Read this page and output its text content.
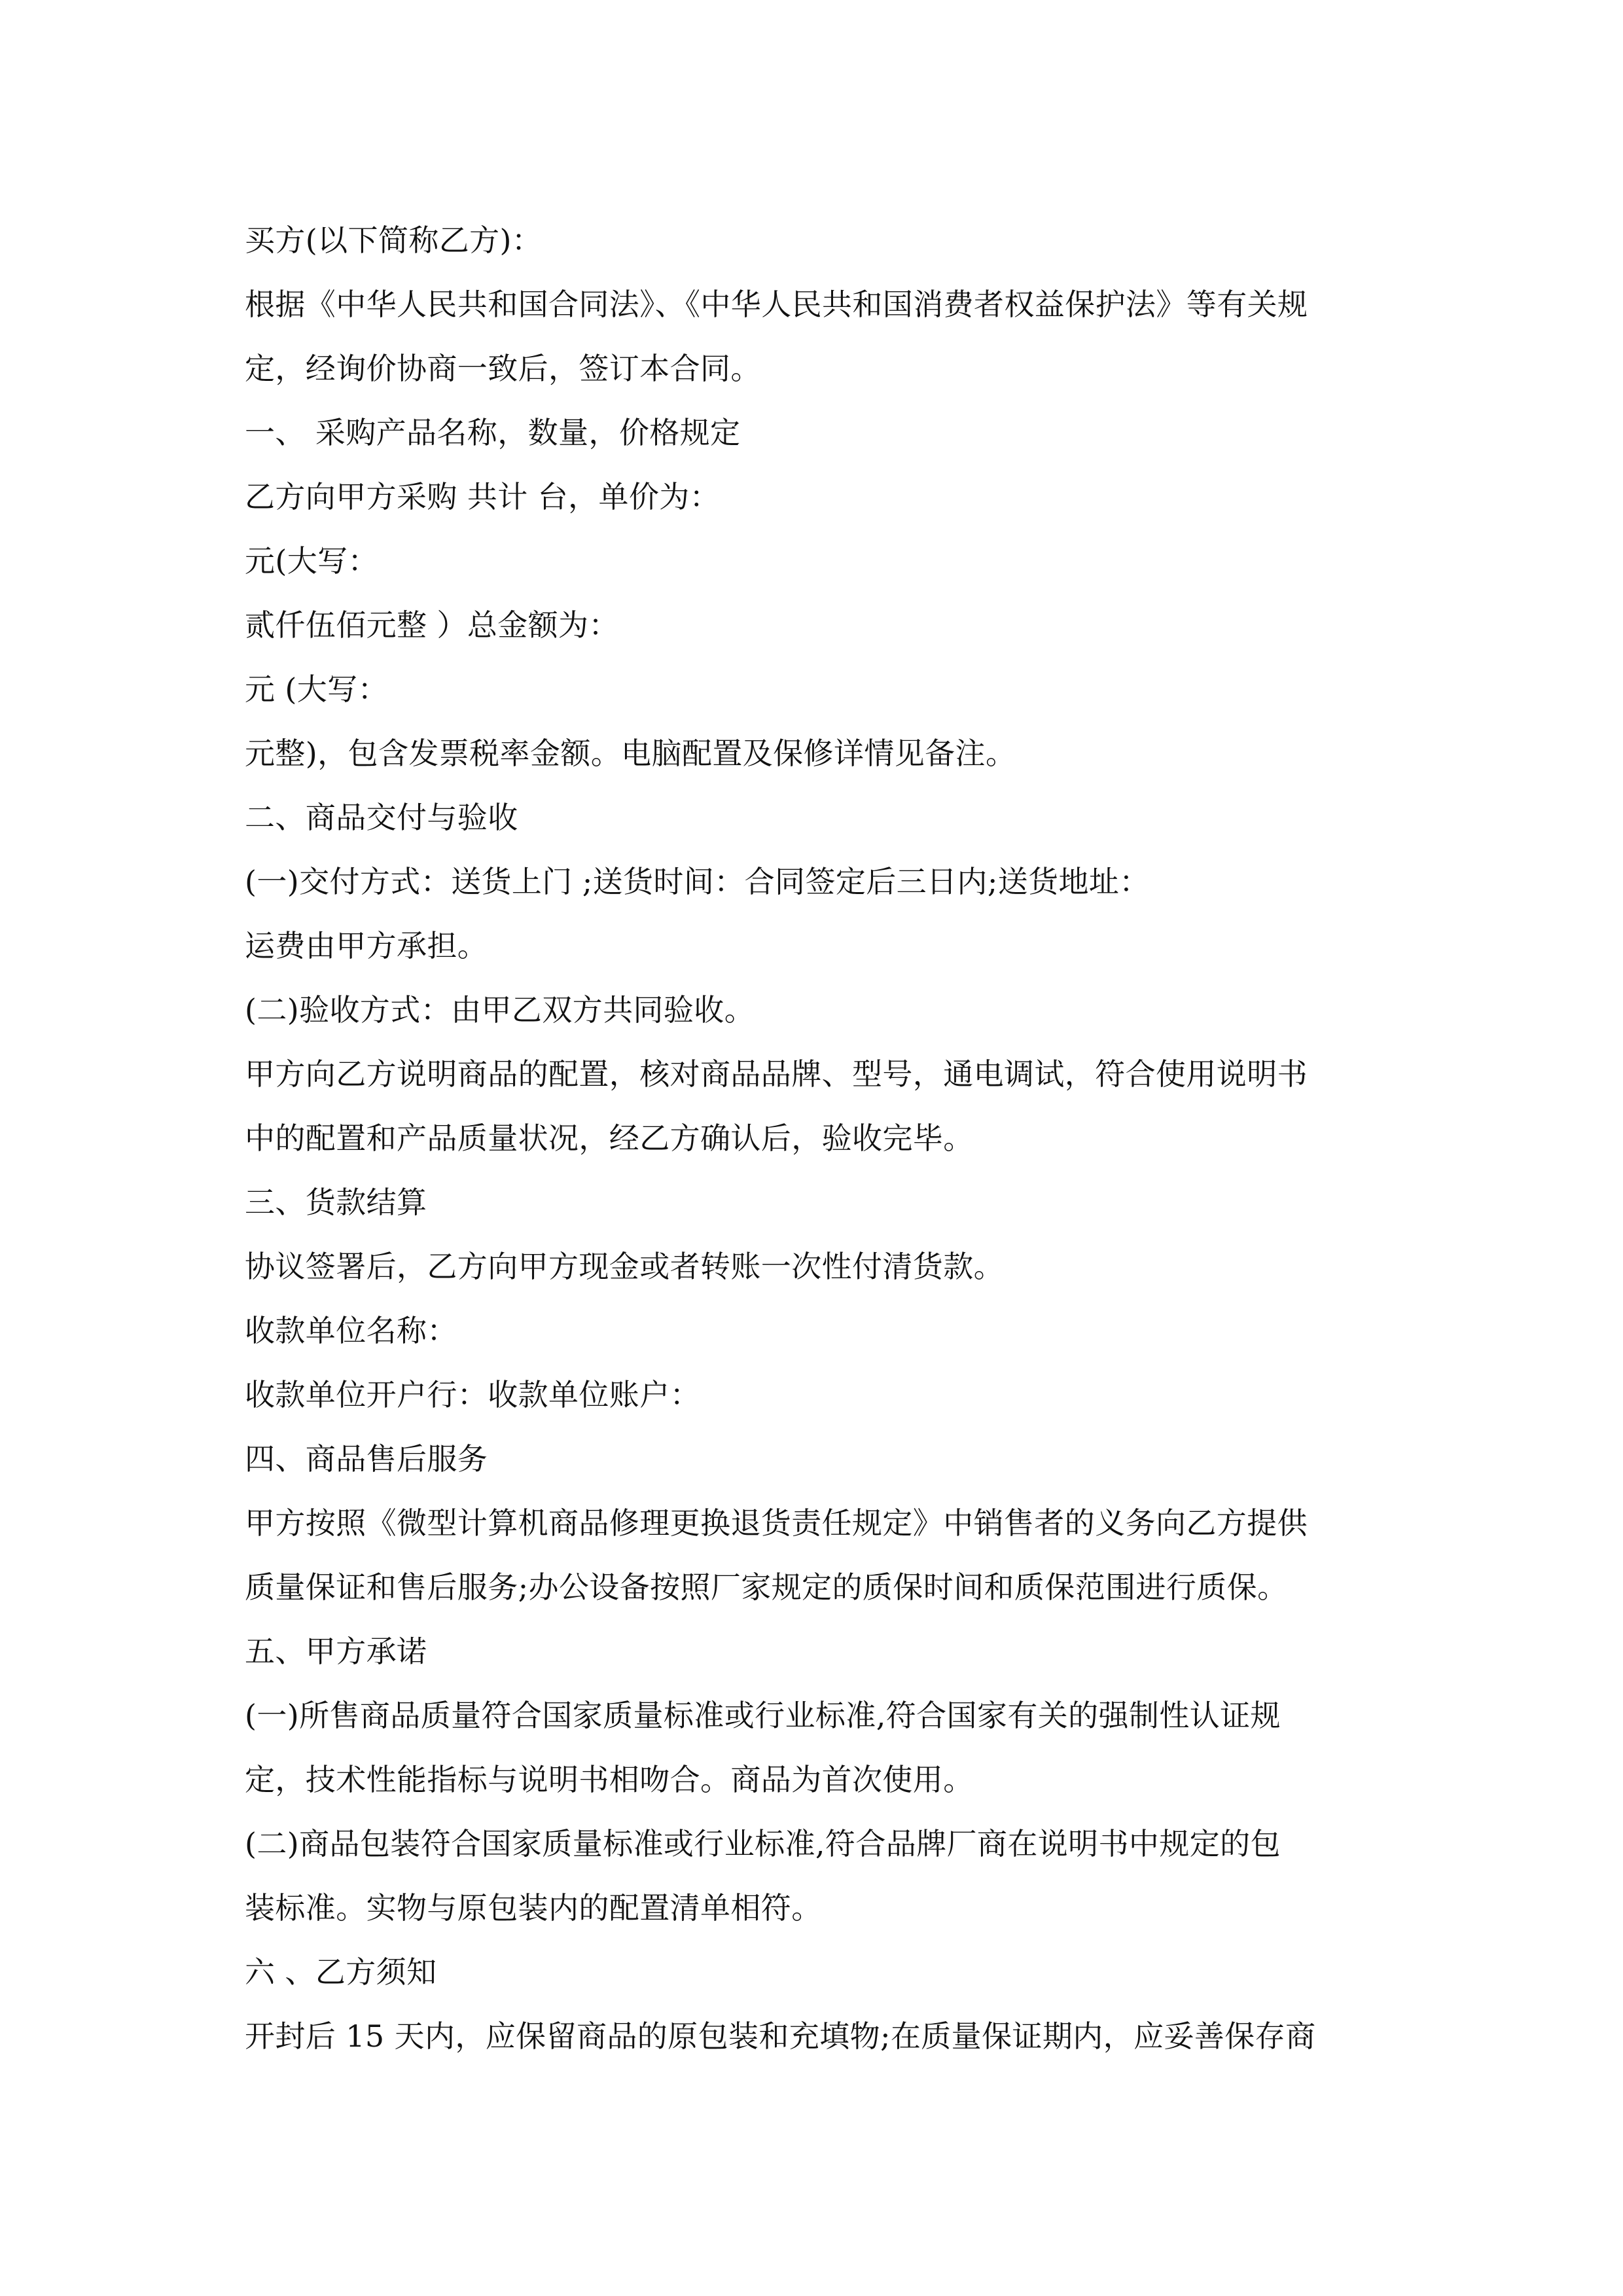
买方(以下简称乙方)：
根据《中华人民共和国合同法》、《中华人民共和国消费者权益保护法》等有关规
定，经询价协商一致后，签订本合同。
一、 采购产品名称，数量，价格规定
乙方向甲方采购 共计 台，单价为：
元(大写：
贰仟伍佰元整 ）总金额为：
元 (大写：
元整)，包含发票税率金额。电脑配置及保修详情见备注。
二、商品交付与验收
(一)交付方式：送货上门 ;送货时间：合同签定后三日内;送货地址：
运费由甲方承担。
(二)验收方式：由甲乙双方共同验收。
甲方向乙方说明商品的配置，核对商品品牌、型号，通电调试，符合使用说明书
中的配置和产品质量状况，经乙方确认后，验收完毕。
三、货款结算
协议签署后，乙方向甲方现金或者转账一次性付清货款。
收款单位名称：
收款单位开户行：收款单位账户：
四、商品售后服务
甲方按照《微型计算机商品修理更换退货责任规定》中销售者的义务向乙方提供
质量保证和售后服务;办公设备按照厂家规定的质保时间和质保范围进行质保。
五、甲方承诺
(一)所售商品质量符合国家质量标准或行业标准,符合国家有关的强制性认证规
定，技术性能指标与说明书相吻合。商品为首次使用。
(二)商品包装符合国家质量标准或行业标准,符合品牌厂商在说明书中规定的包
装标准。实物与原包装内的配置清单相符。
六 、乙方须知
开封后 15 天内，应保留商品的原包装和充填物;在质量保证期内，应妥善保存商
